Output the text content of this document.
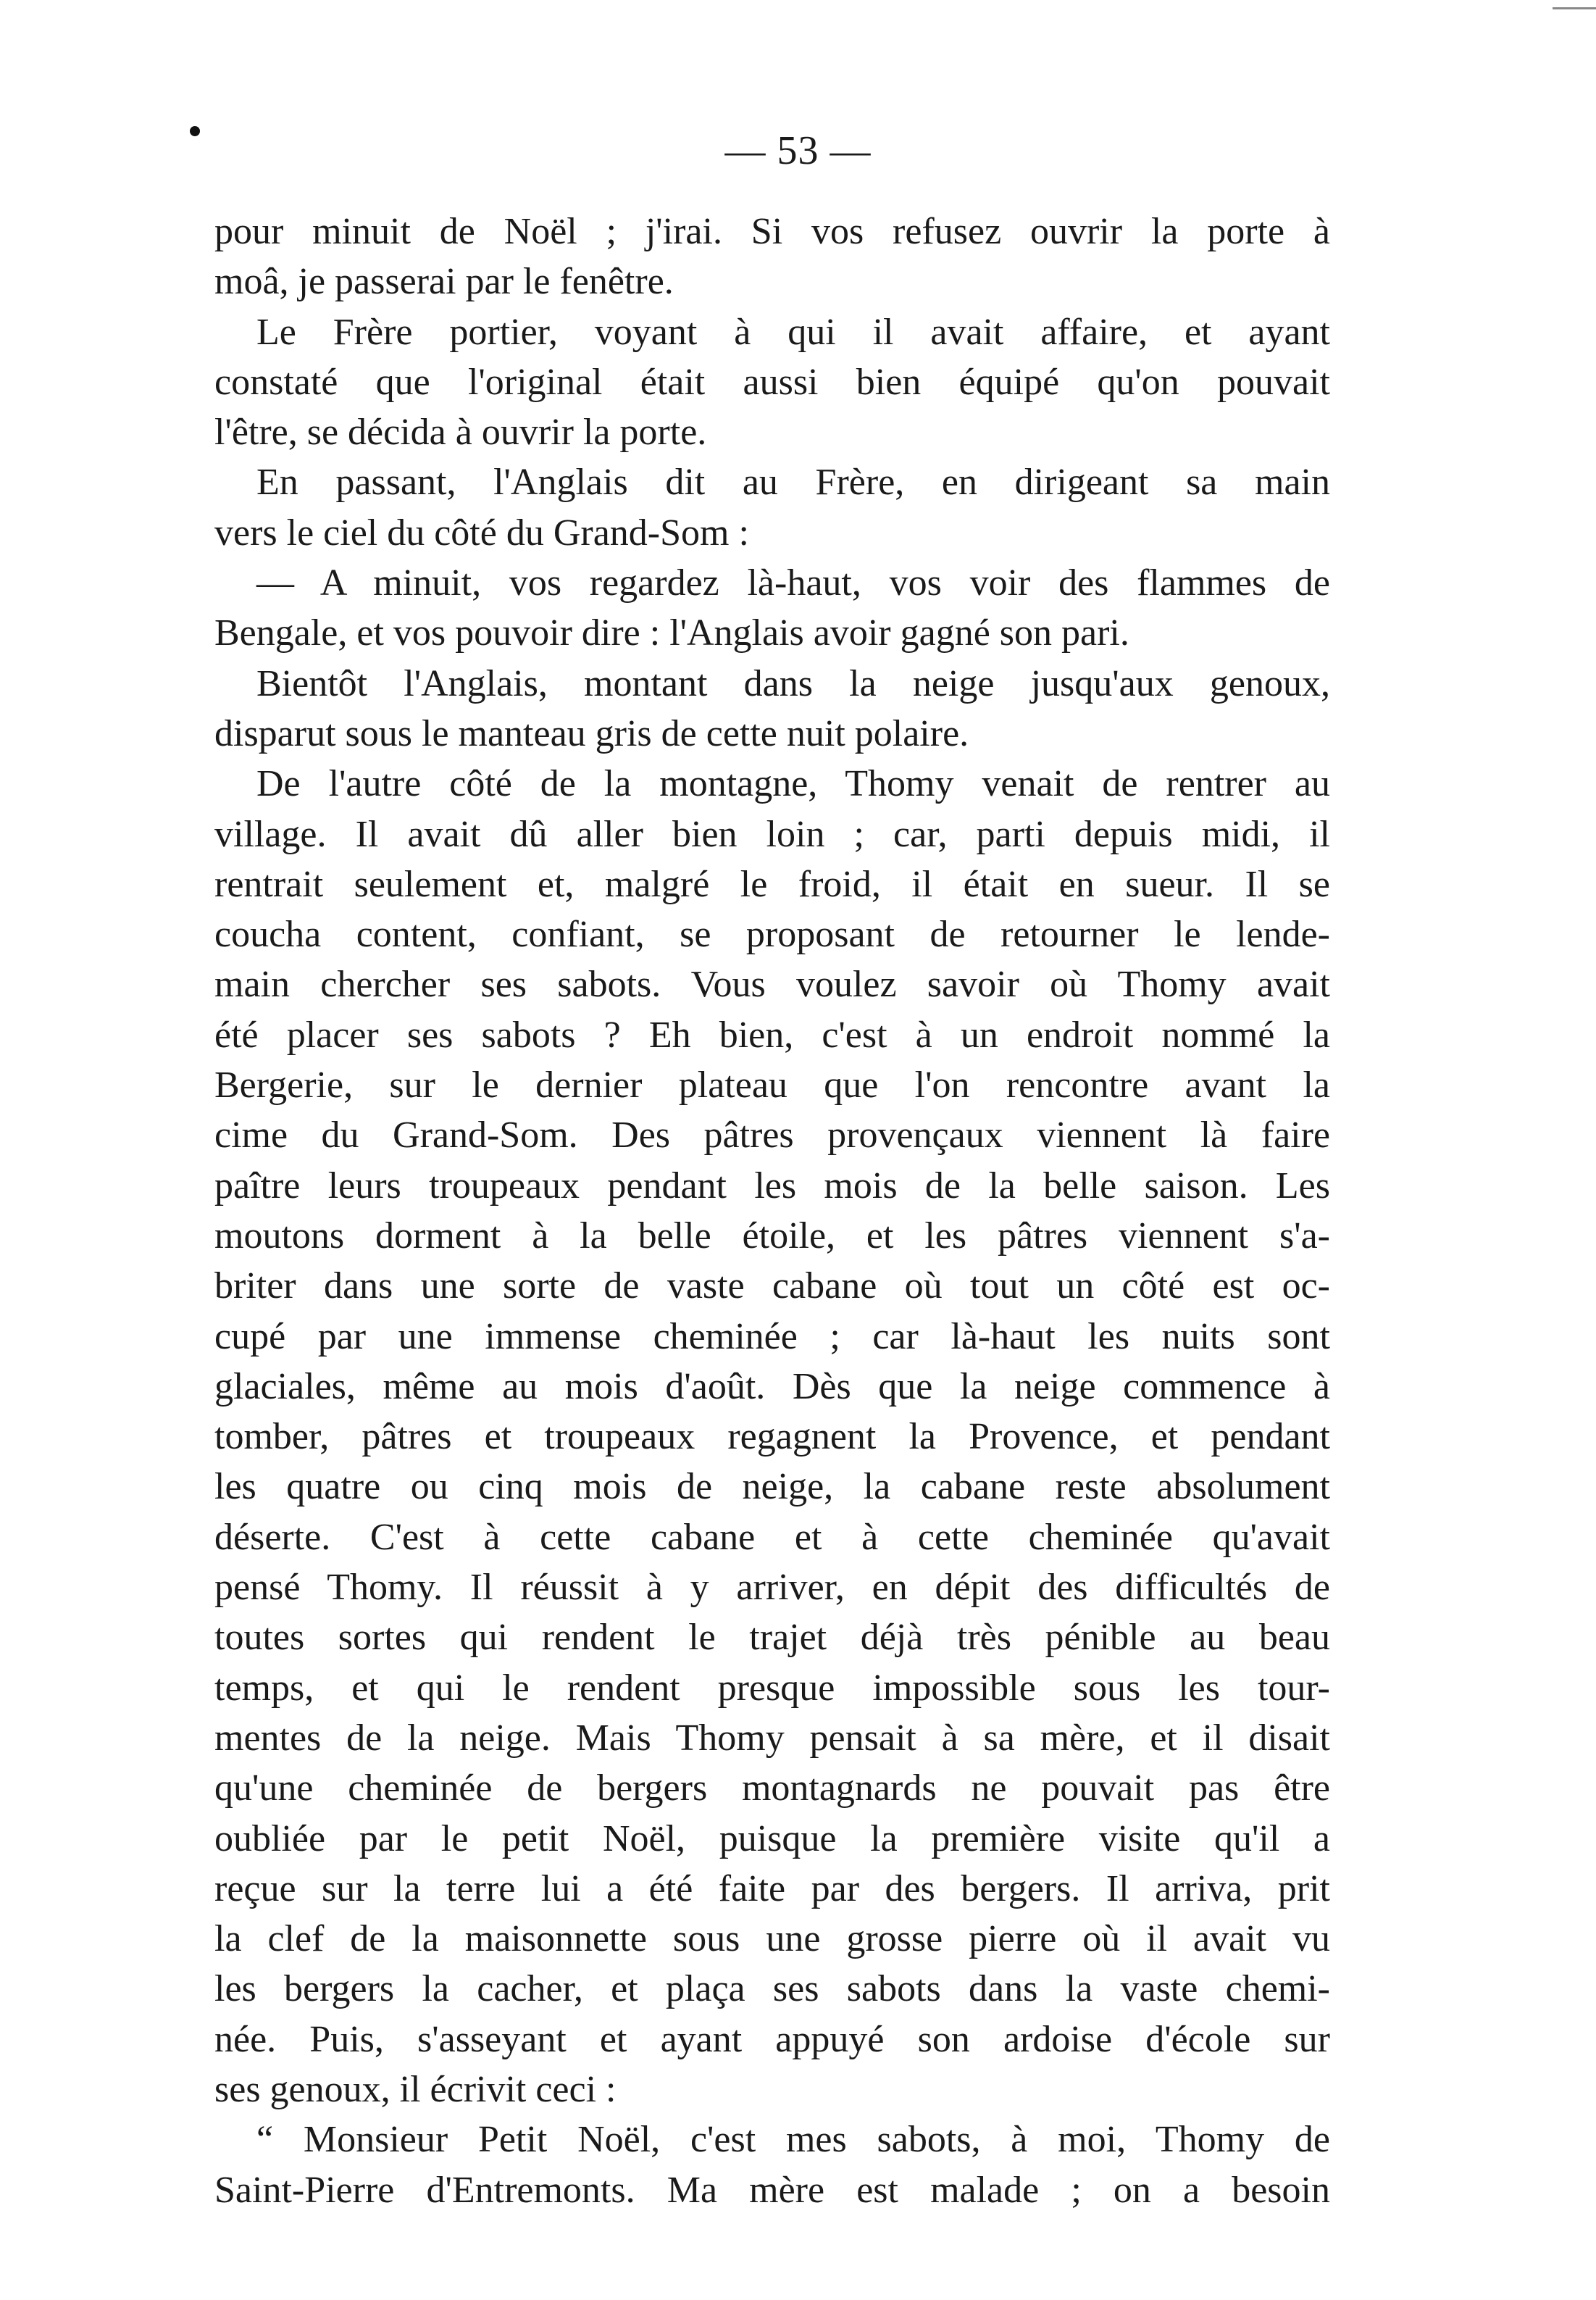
— 53 —
pour minuit de Noël ; j'irai. Si vos refusez ouvrir la porte à
moâ, je passerai par le fenêtre.
Le Frère portier, voyant à qui il avait affaire, et ayant
constaté que l'original était aussi bien équipé qu'on pouvait
l'être, se décida à ouvrir la porte.
En passant, l'Anglais dit au Frère, en dirigeant sa main
vers le ciel du côté du Grand-Som :
— A minuit, vos regardez là-haut, vos voir des flammes de
Bengale, et vos pouvoir dire : l'Anglais avoir gagné son pari.
Bientôt l'Anglais, montant dans la neige jusqu'aux genoux,
disparut sous le manteau gris de cette nuit polaire.
De l'autre côté de la montagne, Thomy venait de rentrer au
village. Il avait dû aller bien loin ; car, parti depuis midi, il
rentrait seulement et, malgré le froid, il était en sueur. Il se
coucha content, confiant, se proposant de retourner le lende-
main chercher ses sabots. Vous voulez savoir où Thomy avait
été placer ses sabots ? Eh bien, c'est à un endroit nommé la
Bergerie, sur le dernier plateau que l'on rencontre avant la
cime du Grand-Som. Des pâtres provençaux viennent là faire
paître leurs troupeaux pendant les mois de la belle saison. Les
moutons dorment à la belle étoile, et les pâtres viennent s'a-
briter dans une sorte de vaste cabane où tout un côté est oc-
cupé par une immense cheminée ; car là-haut les nuits sont
glaciales, même au mois d'août. Dès que la neige commence à
tomber, pâtres et troupeaux regagnent la Provence, et pendant
les quatre ou cinq mois de neige, la cabane reste absolument
déserte. C'est à cette cabane et à cette cheminée qu'avait
pensé Thomy. Il réussit à y arriver, en dépit des difficultés de
toutes sortes qui rendent le trajet déjà très pénible au beau
temps, et qui le rendent presque impossible sous les tour-
mentes de la neige. Mais Thomy pensait à sa mère, et il disait
qu'une cheminée de bergers montagnards ne pouvait pas être
oubliée par le petit Noël, puisque la première visite qu'il a
reçue sur la terre lui a été faite par des bergers. Il arriva, prit
la clef de la maisonnette sous une grosse pierre où il avait vu
les bergers la cacher, et plaça ses sabots dans la vaste chemi-
née. Puis, s'asseyant et ayant appuyé son ardoise d'école sur
ses genoux, il écrivit ceci :
“ Monsieur Petit Noël, c'est mes sabots, à moi, Thomy de
Saint-Pierre d'Entremonts. Ma mère est malade ; on a besoin
